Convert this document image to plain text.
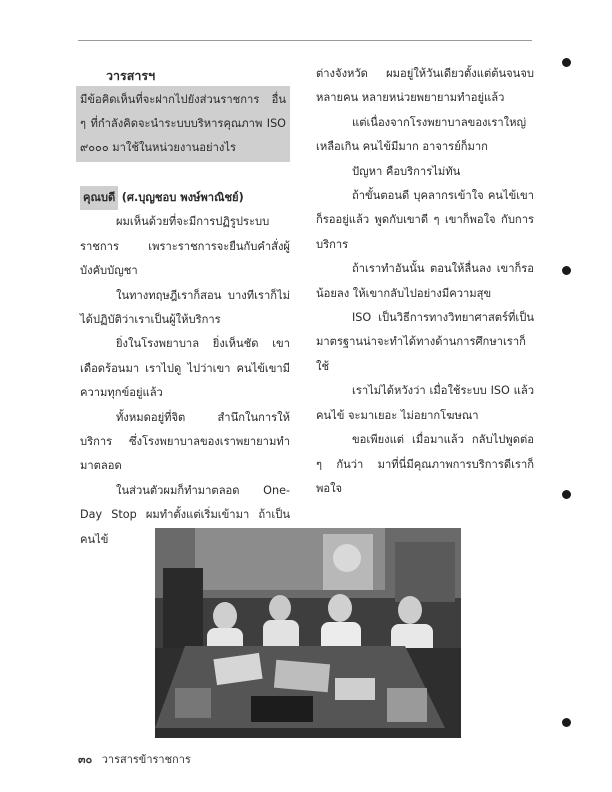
วารสารฯ

มีข้อคิดเห็นที่จะฝากไปยังส่วนราชการ อื่น ๆ ที่กำลังคิดจะนำระบบบริหารคุณภาพ ISO ๙๐๐๐ มาใช้ในหน่วยงานอย่างไร

คุณบดี (ศ.บุญชอบ พงษ์พาณิชย์)

ผมเห็นด้วยที่จะมีการปฏิรูประบบราชการ เพราะราชการจะยืนกับคำสั่งผู้บังคับบัญชา

ในทางทฤษฎีเราก็สอน บางทีเราก็ไม่ได้ปฏิบัติว่าเราเป็นผู้ให้บริการ

ยิ่งในโรงพยาบาล ยิ่งเห็นชัด เขาเดือดร้อนมา เราไปดู ไปว่าเขา คนไข้เขามีความทุกข์อยู่แล้ว

ทั้งหมดอยู่ที่จิต สำนึกในการให้บริการ ซึ่งโรงพยาบาลของเราพยายามทำมาตลอด

ในส่วนตัวผมก็ทำมาตลอด One-Day Stop ผมทำตั้งแต่เริ่มเข้ามา ถ้าเป็นคนไข้

ต่างจังหวัด ผมอยู่ให้วันเดียวตั้งแต่ต้นจนจบ หลายคน หลายหน่วยพยายามทำอยู่แล้ว

แต่เนื่องจากโรงพยาบาลของเราใหญ่เหลือเกิน คนไข้มีมาก อาจารย์ก็มาก

ปัญหา คือบริการไม่ทัน

ถ้าขั้นตอนดี บุคลากรเข้าใจ คนไข้เขาก็รออยู่แล้ว พูดกับเขาดี ๆ เขาก็พอใจ กับการบริการ

ถ้าเราทำอันนั้น ตอนให้ลื่นลง เขาก็รอน้อยลง ให้เขากลับไปอย่างมีความสุข

ISO เป็นวิธีการทางวิทยาศาสตร์ที่เป็นมาตรฐานน่าจะทำได้ทางด้านการศึกษาเราก็ใช้

เราไม่ได้หวังว่า เมื่อใช้ระบบ ISO แล้ว คนไข้ จะมาเยอะ ไม่อยากโฆษณา

ขอเพียงแต่ เมื่อมาแล้ว กลับไปพูดต่อ ๆ กันว่า มาที่นี่มีคุณภาพการบริการดีเราก็พอใจ

๓๐ วารสารข้าราชการ
